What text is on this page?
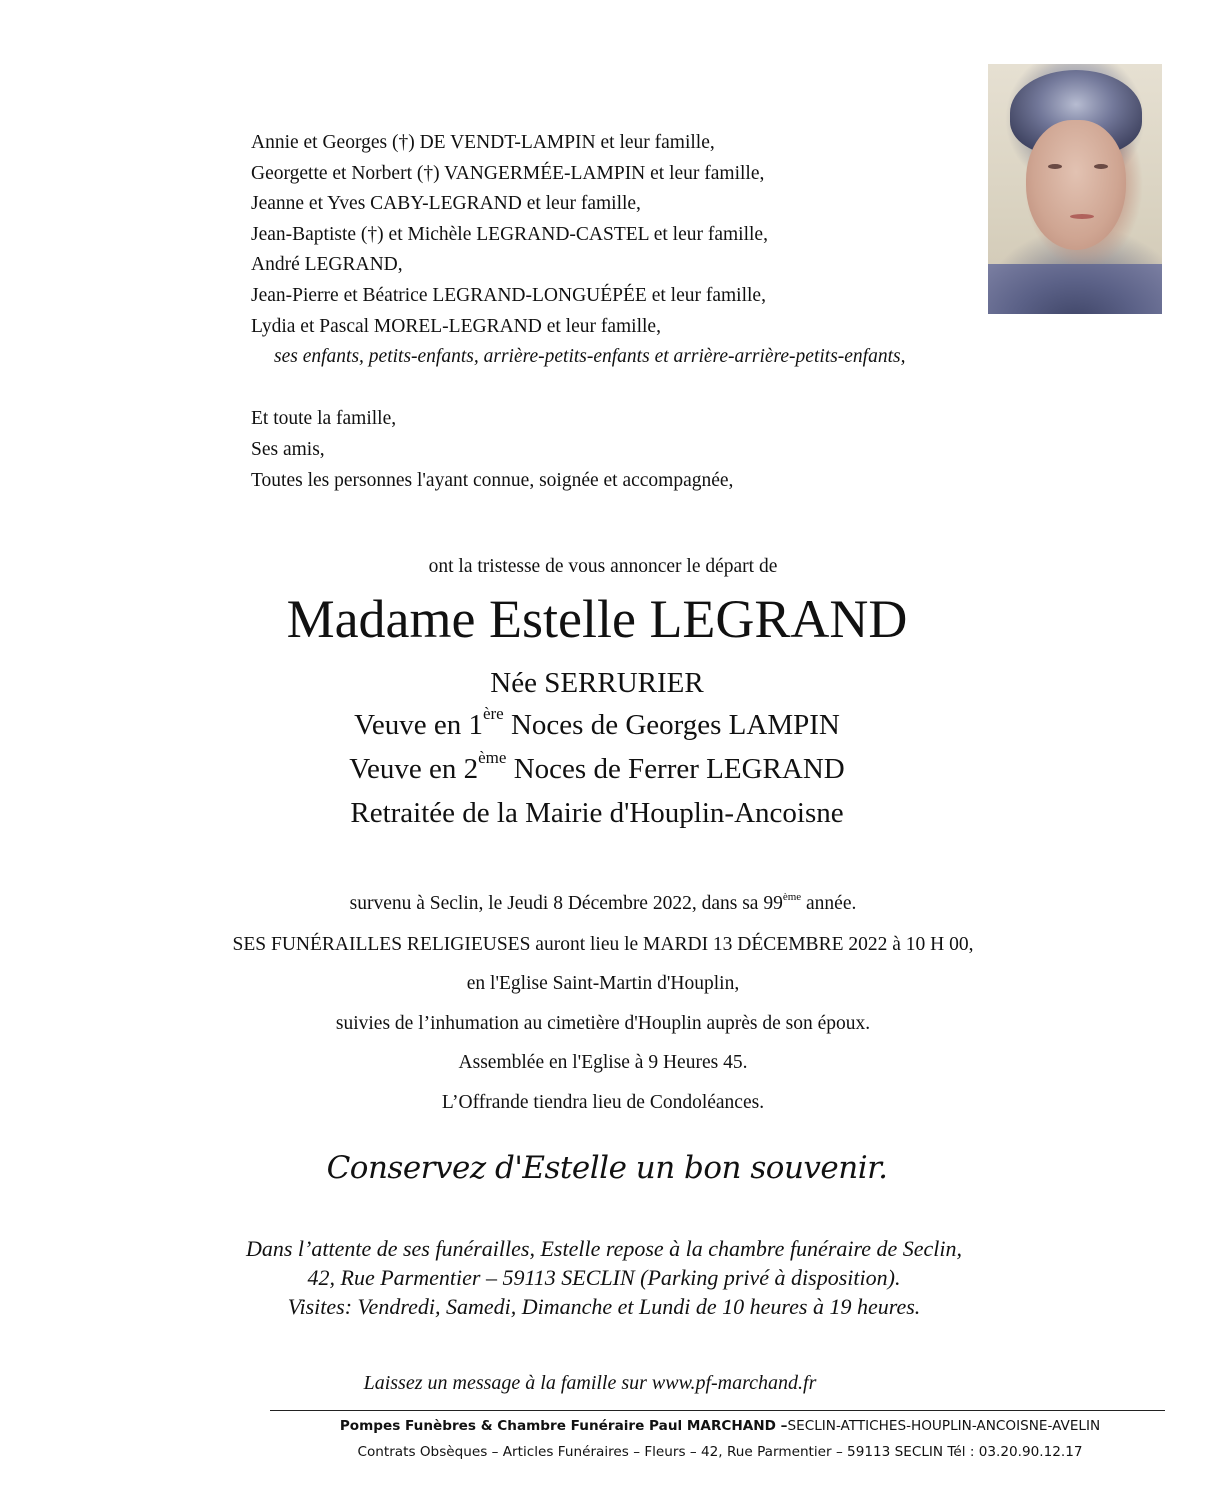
Annie et Georges (†) DE VENDT-LAMPIN et leur famille,
Georgette et Norbert (†) VANGERMÉE-LAMPIN et leur famille,
Jeanne et Yves CABY-LEGRAND et leur famille,
Jean-Baptiste (†) et Michèle LEGRAND-CASTEL et leur famille,
André LEGRAND,
Jean-Pierre et Béatrice LEGRAND-LONGUÉPÉE et leur famille,
Lydia et Pascal MOREL-LEGRAND et leur famille,
ses enfants, petits-enfants, arrière-petits-enfants et arrière-arrière-petits-enfants,
Et toute la famille,
Ses amis,
Toutes les personnes l'ayant connue, soignée et accompagnée,
ont la tristesse de vous annoncer le départ de
Madame Estelle LEGRAND
Née SERRURIER
Veuve en 1ère Noces de Georges LAMPIN
Veuve en 2ème Noces de Ferrer LEGRAND
Retraitée de la Mairie d'Houplin-Ancoisne
survenu à Seclin, le Jeudi 8 Décembre 2022, dans sa 99ème année.
SES FUNÉRAILLES RELIGIEUSES auront lieu le MARDI 13 DÉCEMBRE 2022 à 10 H 00,
en l'Eglise Saint-Martin d'Houplin,
suivies de l’inhumation au cimetière d'Houplin auprès de son époux.
Assemblée en l'Eglise à 9 Heures 45.
L’Offrande tiendra lieu de Condoléances.
Conservez d'Estelle un bon souvenir.
Dans l’attente de ses funérailles, Estelle repose à la chambre funéraire de Seclin,
42, Rue Parmentier – 59113 SECLIN (Parking privé à disposition).
Visites: Vendredi, Samedi, Dimanche et Lundi de 10 heures à 19 heures.
Laissez un message à la famille sur www.pf-marchand.fr
Pompes Funèbres & Chambre Funéraire Paul MARCHAND –SECLIN-ATTICHES-HOUPLIN-ANCOISNE-AVELIN
Contrats Obsèques – Articles Funéraires – Fleurs – 42, Rue Parmentier – 59113 SECLIN Tél : 03.20.90.12.17
